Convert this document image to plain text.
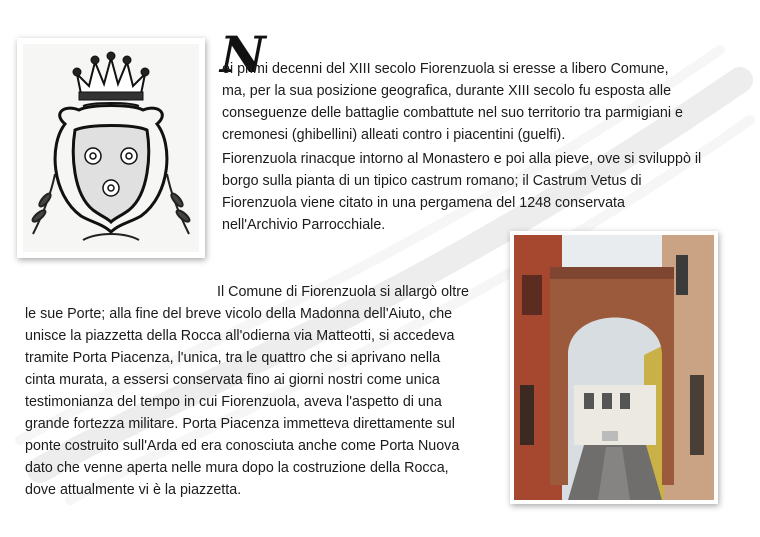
N
ei primi decenni del XIII secolo Fiorenzuola si eresse a libero Comune,
ma, per la sua posizione geografica, durante XIII secolo fu esposta alle
conseguenze delle battaglie combattute nel suo territorio tra parmigiani e
cremonesi (ghibellini) alleati contro i piacentini (guelfi).
Fiorenzuola rinacque intorno al Monastero e poi alla pieve, ove si sviluppò il
borgo sulla pianta di un tipico castrum romano; il Castrum Vetus di
Fiorenzuola viene citato in una pergamena del 1248 conservata
nell'Archivio Parrocchiale.
Il Comune di Fiorenzuola si allargò oltre
le sue Porte; alla fine del breve vicolo della Madonna dell'Aiuto, che
unisce la piazzetta della Rocca all'odierna via Matteotti, si accedeva
tramite Porta Piacenza, l'unica, tra le quattro che si aprivano nella
cinta murata, a essersi conservata fino ai giorni nostri come unica
testimonianza del tempo in cui Fiorenzuola, aveva l'aspetto di una
grande fortezza militare. Porta Piacenza immetteva direttamente sul
ponte costruito sull'Arda ed era conosciuta anche come Porta Nuova
dato che venne aperta nelle mura dopo la costruzione della Rocca,
dove attualmente vi è la piazzetta.
